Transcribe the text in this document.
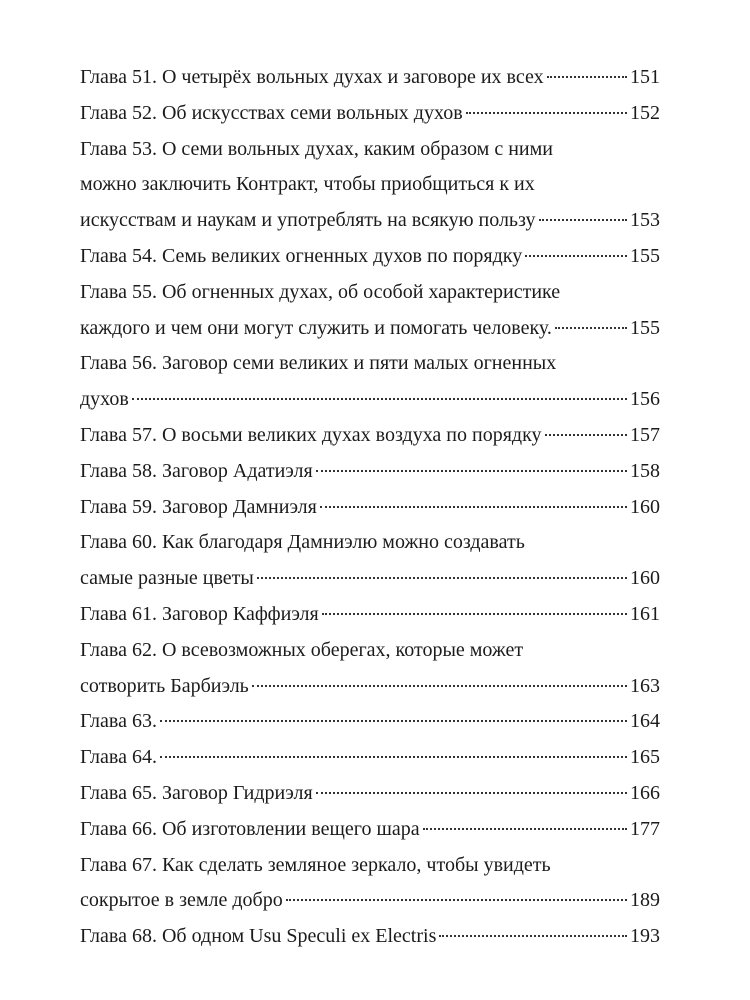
Глава 51. О четырёх вольных духах и заговоре их всех	151
Глава 52. Об искусствах семи вольных духов	152
Глава 53. О семи вольных духах, каким образом с ними
можно заключить Контракт, чтобы приобщиться к их
искусствам и наукам и употреблять на всякую пользу	153
Глава 54. Семь великих огненных духов по порядку	155
Глава 55. Об огненных духах, об особой характеристике
каждого и чем они могут служить и помогать человеку.	155
Глава 56. Заговор семи великих и пяти малых огненных
духов	156
Глава 57. О восьми великих духах воздуха по порядку	157
Глава 58. Заговор Адатиэля	158
Глава 59. Заговор Дамниэля	160
Глава 60. Как благодаря Дамниэлю можно создавать
самые разные цветы	160
Глава 61. Заговор Каффиэля	161
Глава 62. О всевозможных оберегах, которые может
сотворить Барбиэль	163
Глава 63.	164
Глава 64.	165
Глава 65. Заговор Гидриэля	166
Глава 66. Об изготовлении вещего шара	177
Глава 67. Как сделать земляное зеркало, чтобы увидеть
сокрытое в земле добро	189
Глава 68. Об одном Usu Speculi ex Electris	193
